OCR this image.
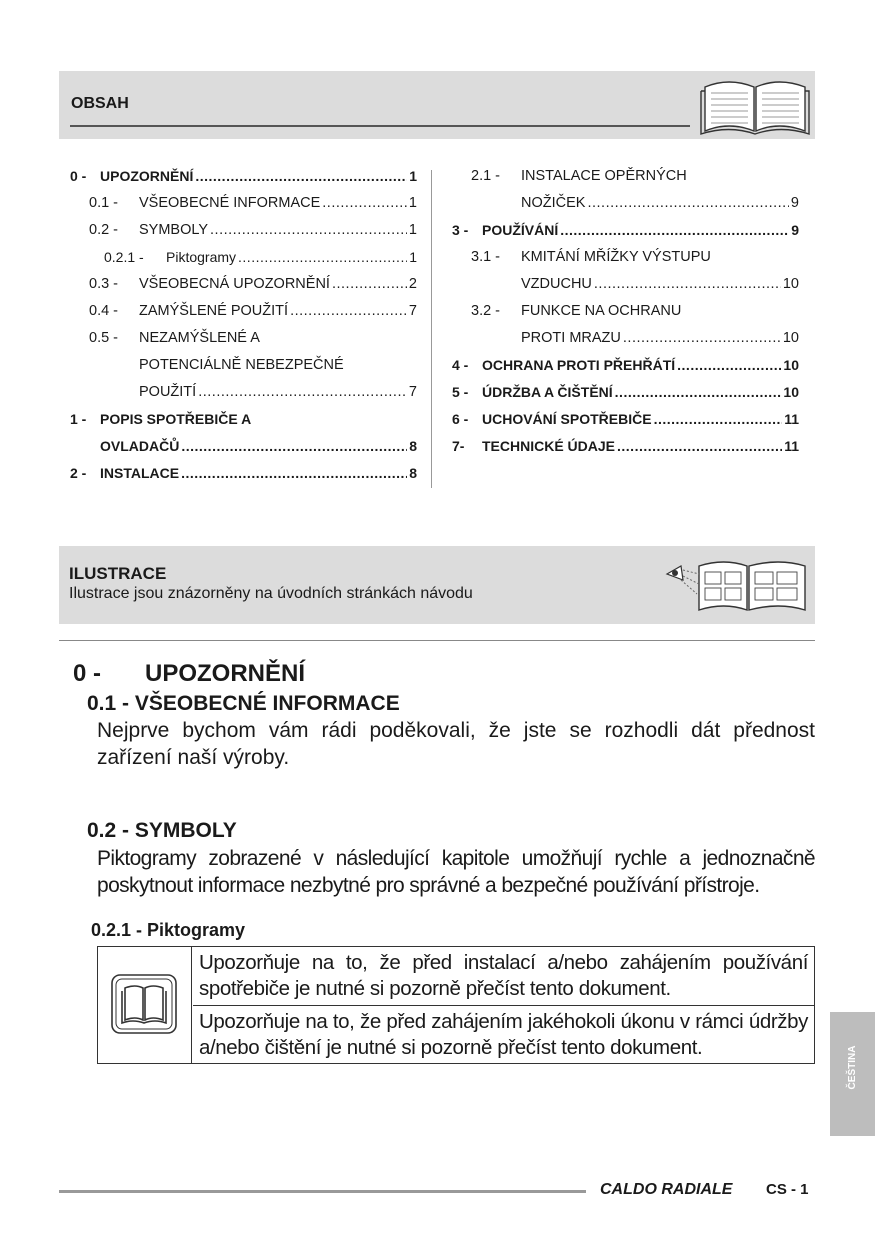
OBSAH
0 - UPOZORNĚNÍ .....	1
0.1 -	VŠEOBECNÉ INFORMACE .....	1
0.2 -	SYMBOLY .....	1
0.2.1 -	Piktogramy .....	1
0.3 -	VŠEOBECNÁ UPOZORNĚNÍ .....	2
0.4 -	ZAMÝŠLENÉ POUŽITÍ .....	7
0.5 -	NEZAMÝŠLENÉ A
POTENCIÁLNĚ NEBEZPEČNÉ
POUŽITÍ .....	7
1 - POPIS SPOTŘEBIČE A
OVLADAČŮ .....	8
2 - INSTALACE .....	8
2.1 -	INSTALACE OPĚRNÝCH
NOŽIČEK .....	9
3 - POUŽÍVÁNÍ .....	9
3.1 -	KMITÁNÍ MŘÍŽKY VÝSTUPU
VZDUCHU .....	10
3.2 -	FUNKCE NA OCHRANU
PROTI MRAZU .....	10
4 - OCHRANA PROTI PŘEHŘÁTÍ .....	10
5 - ÚDRŽBA A ČIŠTĚNÍ .....	10
6 - UCHOVÁNÍ SPOTŘEBIČE .....	11
7-	TECHNICKÉ ÚDAJE .....	11
ILUSTRACE
Ilustrace jsou znázorněny na úvodních stránkách návodu
0 - UPOZORNĚNÍ
0.1 - VŠEOBECNÉ INFORMACE
Nejprve bychom vám rádi poděkovali, že jste se rozhodli dát přednost zařízení naší výroby.
0.2 - SYMBOLY
Piktogramy zobrazené v následující kapitole umožňují rychle a jednoznačně poskytnout informace nezbytné pro správné a bezpečné používání přístroje.
0.2.1 - Piktogramy
Upozorňuje na to, že před instalací a/nebo zahájením používání spotřebiče je nutné si pozorně přečíst tento dokument.
Upozorňuje na to, že před zahájením jakéhokoli úkonu v rámci údržby a/nebo čištění je nutné si pozorně přečíst tento dokument.	ČEŠTINA
CALDO RADIALE CS - 1
